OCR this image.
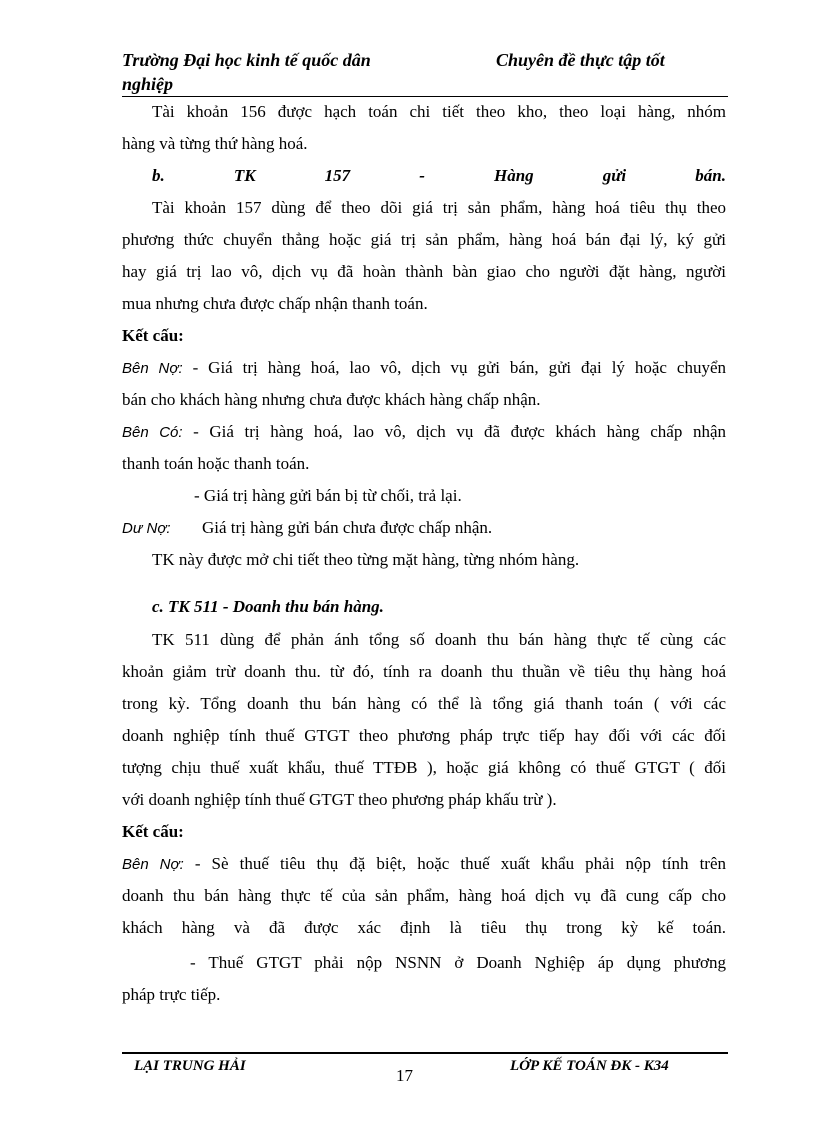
Trường Đại học kinh tế quốc dân
nghiệp
Chuyên đề thực tập tốt
Tài khoản 156 được hạch toán chi tiết theo kho, theo loại hàng, nhóm
hàng và từng thứ hàng hoá.
b.	TK	157	-	Hàng	gửi	bán.
Tài khoản 157 dùng để theo dõi giá trị sản phẩm, hàng hoá tiêu thụ theo
phương thức chuyển thẳng hoặc giá trị sản phẩm, hàng hoá bán đại lý, ký gửi
hay giá trị lao vô, dịch vụ đã hoàn thành bàn giao cho người đặt hàng, người
mua nhưng chưa được chấp nhận thanh toán.
Kết cấu:
Bên Nợ: - Giá trị hàng hoá, lao vô, dịch vụ gửi bán, gửi đại lý hoặc chuyển
bán cho khách hàng nhưng chưa được khách hàng chấp nhận.
Bên Có: - Giá trị hàng hoá, lao vô, dịch vụ đã được khách hàng chấp nhận
thanh toán hoặc thanh toán.
- Giá trị hàng gửi bán bị từ chối, trả lại.
Dư Nợ: Giá trị hàng gửi bán chưa được chấp nhận.
TK này được mở chi tiết theo từng mặt hàng, từng nhóm hàng.
c. TK 511 - Doanh thu bán hàng.
TK 511 dùng để phản ánh tổng số doanh thu bán hàng thực tế cùng các
khoản giảm trừ doanh thu. từ đó, tính ra doanh thu thuần về tiêu thụ hàng hoá
trong kỳ. Tổng doanh thu bán hàng có thể là tổng giá thanh toán ( với các
doanh nghiệp tính thuế GTGT theo phương pháp trực tiếp hay đối với các đối
tượng chịu thuế xuất khẩu, thuế TTĐB ), hoặc giá không có thuế GTGT ( đối
với doanh nghiệp tính thuế GTGT theo phương pháp khấu trừ ).
Kết cấu:
Bên Nợ: - Sè thuế tiêu thụ đặ biệt, hoặc thuế xuất khẩu phải nộp tính trên
doanh thu bán hàng thực tế của sản phẩm, hàng hoá dịch vụ đã cung cấp cho
khách hàng và đã được xác định là tiêu thụ trong kỳ kế toán.
- Thuế GTGT phải nộp NSNN ở Doanh Nghiệp áp dụng phương
pháp trực tiếp.
LẠI TRUNG HẢI	17	LỚP KẾ TOÁN ĐK - K34
